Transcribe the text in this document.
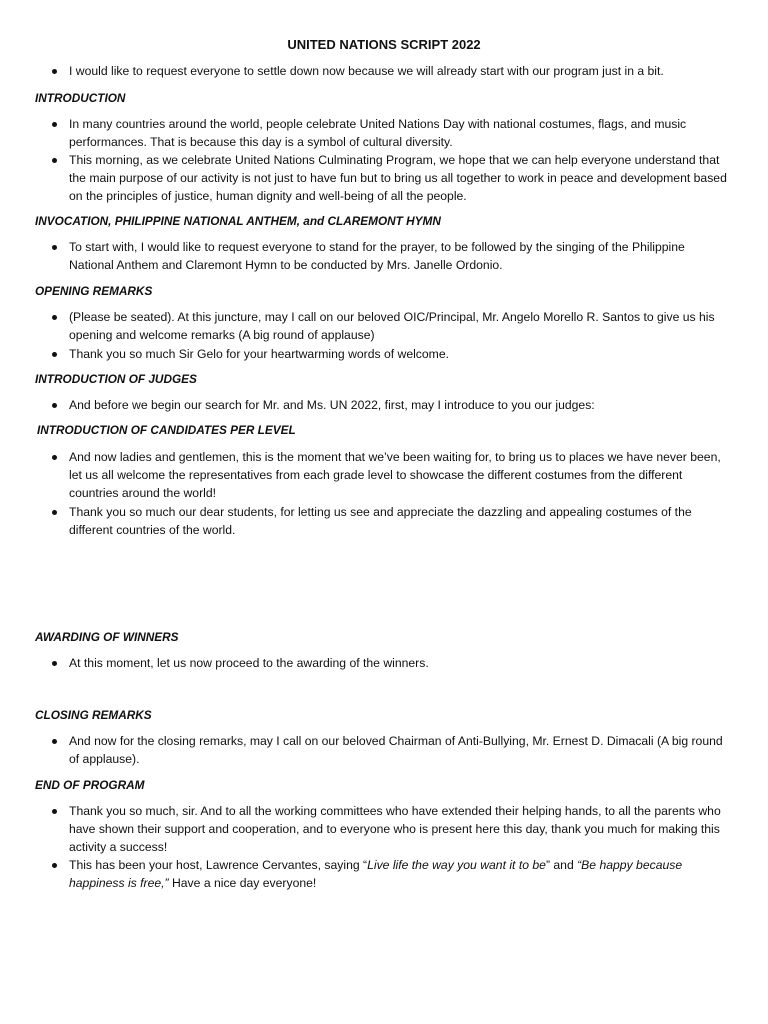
UNITED NATIONS SCRIPT 2022
I would like to request everyone to settle down now because we will already start with our program just in a bit.
INTRODUCTION
In many countries around the world, people celebrate United Nations Day with national costumes, flags, and music performances. That is because this day is a symbol of cultural diversity.
This morning, as we celebrate United Nations Culminating Program, we hope that we can help everyone understand that the main purpose of our activity is not just to have fun but to bring us all together to work in peace and development based on the principles of justice, human dignity and well-being of all the people.
INVOCATION, PHILIPPINE NATIONAL ANTHEM, and CLAREMONT HYMN
To start with, I would like to request everyone to stand for the prayer, to be followed by the singing of the Philippine National Anthem and Claremont Hymn to be conducted by Mrs. Janelle Ordonio.
OPENING REMARKS
(Please be seated). At this juncture, may I call on our beloved OIC/Principal, Mr. Angelo Morello R. Santos to give us his opening and welcome remarks (A big round of applause)
Thank you so much Sir Gelo for your heartwarming words of welcome.
INTRODUCTION OF JUDGES
And before we begin our search for Mr. and Ms. UN 2022, first, may I introduce to you our judges:
INTRODUCTION OF CANDIDATES PER LEVEL
And now ladies and gentlemen, this is the moment that we’ve been waiting for, to bring us to places we have never been, let us all welcome the representatives from each grade level to showcase the different costumes from the different countries around the world!
Thank you so much our dear students, for letting us see and appreciate the dazzling and appealing costumes of the different countries of the world.
AWARDING OF WINNERS
At this moment, let us now proceed to the awarding of the winners.
CLOSING REMARKS
And now for the closing remarks, may I call on our beloved Chairman of Anti-Bullying, Mr. Ernest D. Dimacali (A big round of applause).
END OF PROGRAM
Thank you so much, sir. And to all the working committees who have extended their helping hands, to all the parents who have shown their support and cooperation, and to everyone who is present here this day, thank you much for making this activity a success!
This has been your host, Lawrence Cervantes, saying “Live life the way you want it to be” and “Be happy because happiness is free,” Have a nice day everyone!
